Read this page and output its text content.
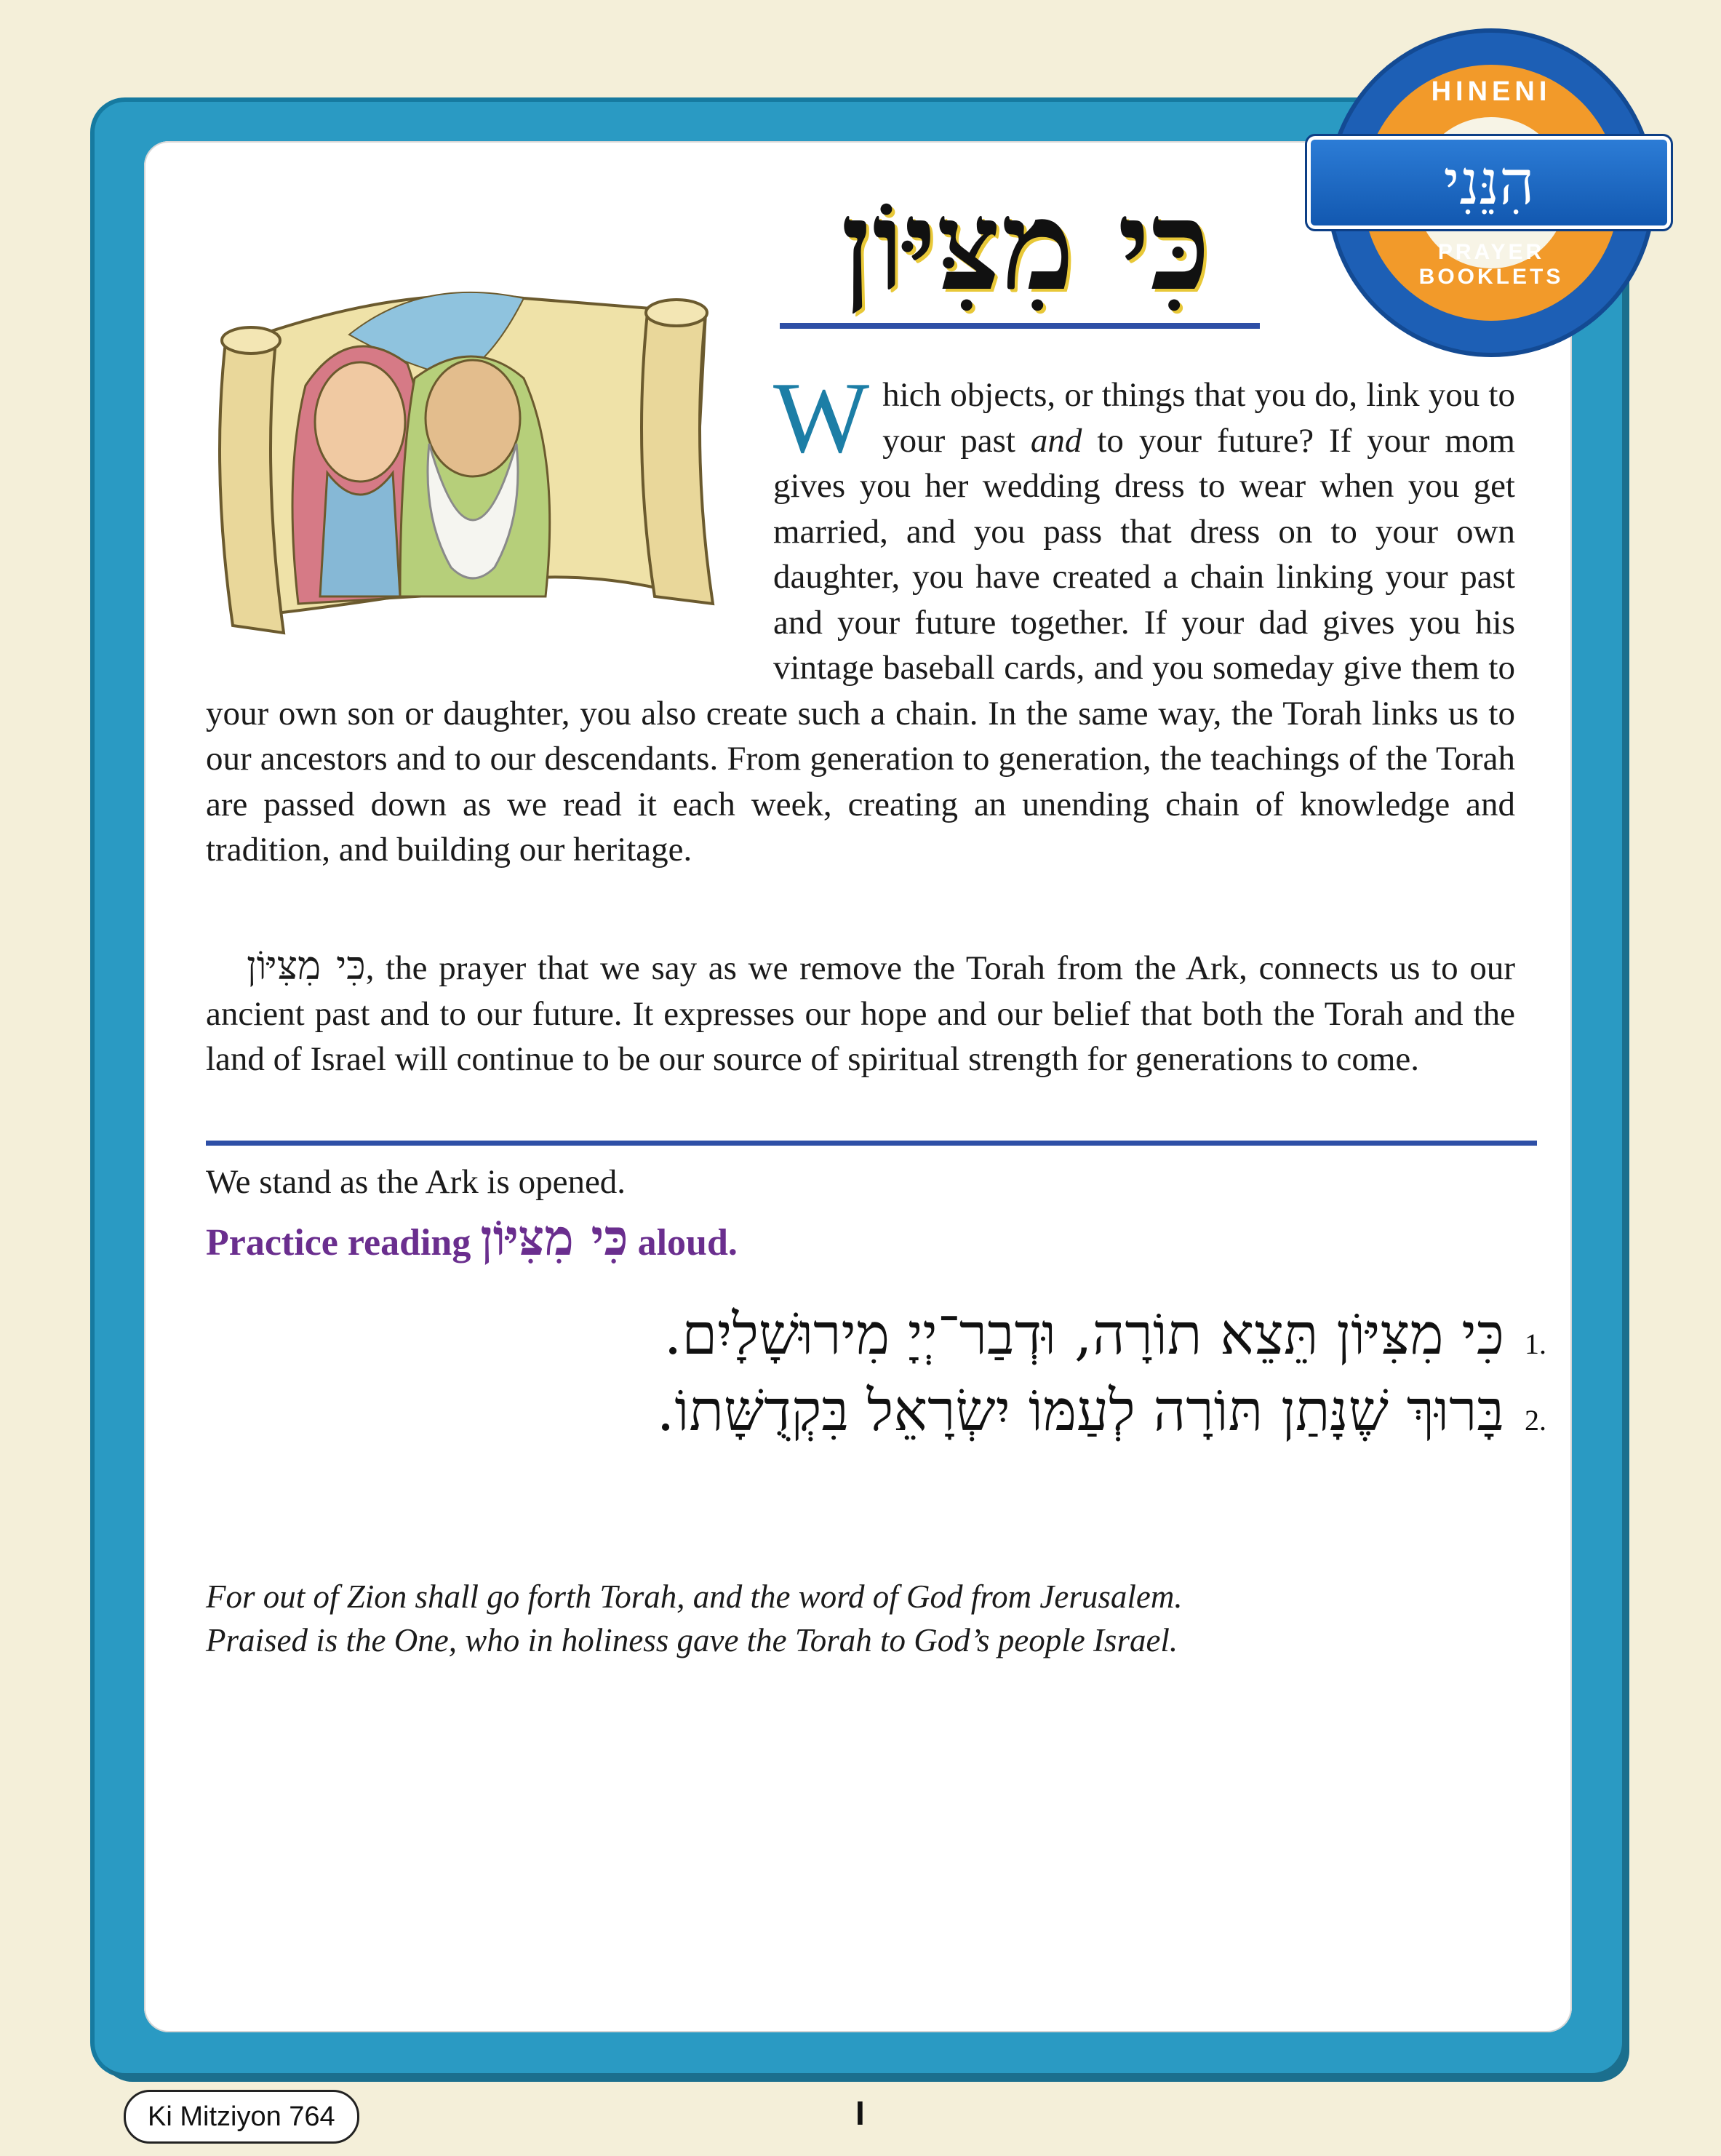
HINENI
הִנֵּנִי
PRAYER BOOKLETS
כִּי מִצִּיּוֹן
Which objects, or things that you do, link you to your past and to your future? If your mom gives you her wedding dress to wear when you get married, and you pass that dress on to your own daughter, you have created a chain linking your past and your future together. If your dad gives you his vintage baseball cards, and you someday give them to your own son or daughter, you also create such a chain. In the same way, the Torah links us to our ancestors and to our descendants. From generation to generation, the teachings of the Torah are passed down as we read it each week, creating an unending chain of knowledge and tradition, and building our heritage.
כִּי מִצִּיּוֹן, the prayer that we say as we remove the Torah from the Ark, connects us to our ancient past and to our future. It expresses our hope and our belief that both the Torah and the land of Israel will continue to be our source of spiritual strength for generations to come.
We stand as the Ark is opened.
Practice reading כִּי מִצִּיּוֹן aloud.
.1כִּי מִצִּיּוֹן תֵּצֵא תוֹרָה, וּדְבַר־יְיָ מִירוּשָׁלָיִם.
.2בָּרוּךְ שֶׁנָּתַן תּוֹרָה לְעַמּוֹ יִשְׂרָאֵל בִּקְדֻשָּׁתוֹ.
For out of Zion shall go forth Torah, and the word of God from Jerusalem.
Praised is the One, who in holiness gave the Torah to God’s people Israel.
Ki Mitziyon 764	I
